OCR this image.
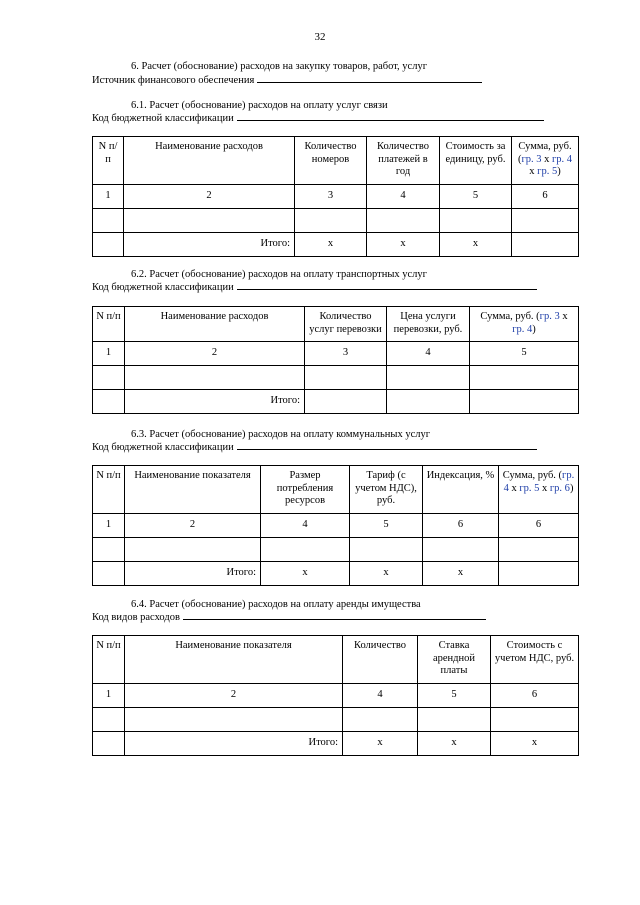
32
6. Расчет (обоснование) расходов на закупку товаров, работ, услуг
Источник финансового обеспечения
6.1. Расчет (обоснование) расходов на оплату услуг связи
Код бюджетной классификации
N п/п	Наименование расходов	Количество номеров	Количество платежей в год	Стоимость за единицу, руб.	Сумма, руб. (гр. 3 x гр. 4 x гр. 5)
1	2	3	4	5	6

	Итого:	x	x	x	
6.2. Расчет (обоснование) расходов на оплату транспортных услуг
Код бюджетной классификации
N п/п	Наименование расходов	Количество услуг перевозки	Цена услуги перевозки, руб.	Сумма, руб. (гр. 3 x гр. 4)
1	2	3	4	5

	Итого:			
6.3. Расчет (обоснование) расходов на оплату коммунальных услуг
Код бюджетной классификации
N п/п	Наименование показателя	Размер потребления ресурсов	Тариф (с учетом НДС), руб.	Индексация, %	Сумма, руб. (гр. 4 x гр. 5 x гр. 6)
1	2	4	5	6	6

	Итого:	x	x	x	
6.4. Расчет (обоснование) расходов на оплату аренды имущества
Код видов расходов
N п/п	Наименование показателя	Количество	Ставка арендной платы	Стоимость с учетом НДС, руб.
1	2	4	5	6

	Итого:	x	x	x
